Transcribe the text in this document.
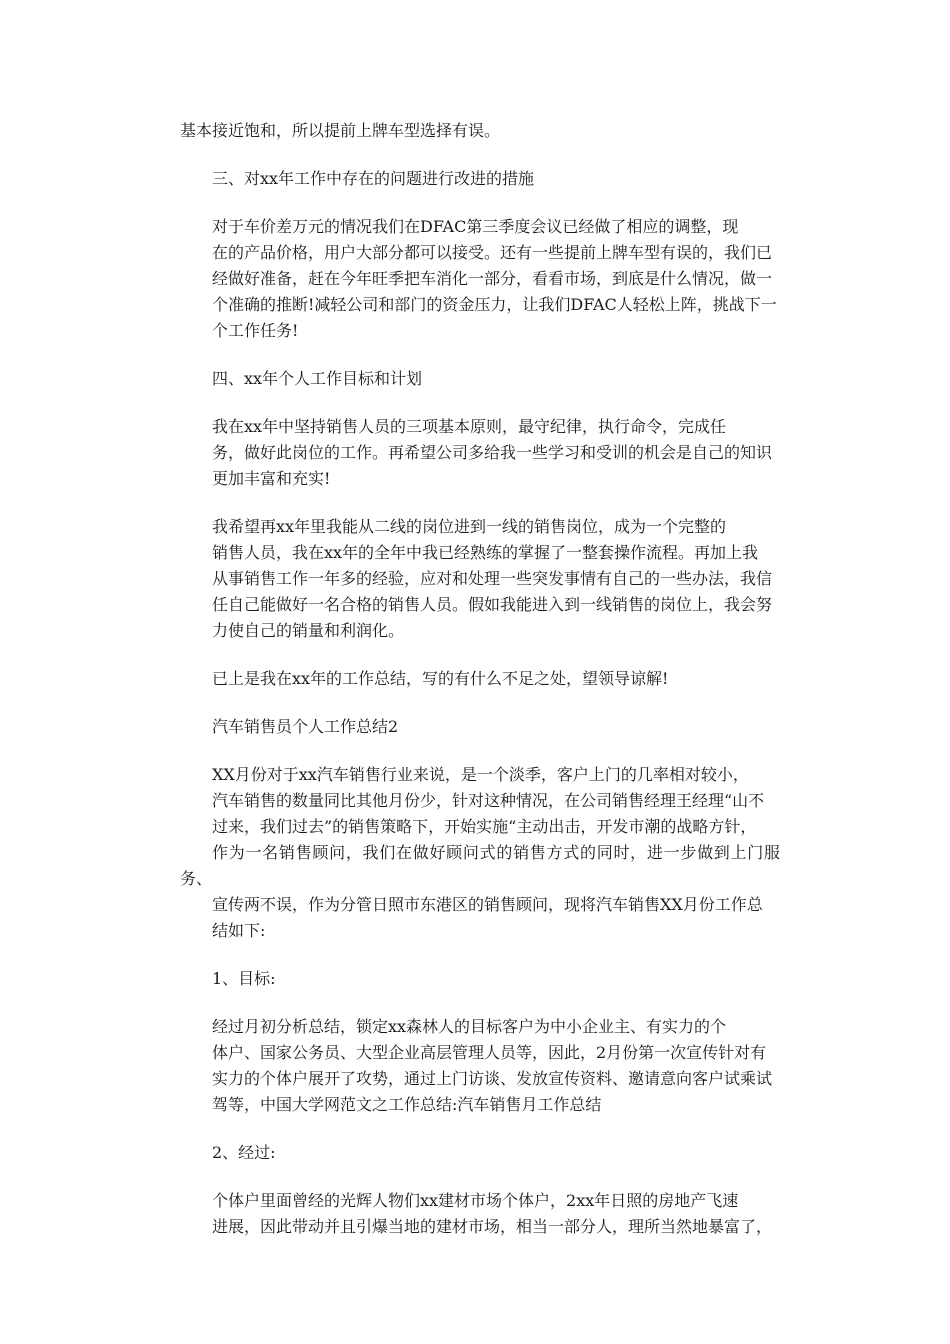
基本接近饱和，所以提前上牌车型选择有误。
三、对xx年工作中存在的问题进行改进的措施
对于车价差万元的情况我们在DFAC第三季度会议已经做了相应的调整，现
在的产品价格，用户大部分都可以接受。还有一些提前上牌车型有误的，我们已
经做好准备，赶在今年旺季把车消化一部分，看看市场，到底是什么情况，做一
个准确的推断!减轻公司和部门的资金压力，让我们DFAC人轻松上阵，挑战下一
个工作任务!
四、xx年个人工作目标和计划
我在xx年中坚持销售人员的三项基本原则，最守纪律，执行命令，完成任
务，做好此岗位的工作。再希望公司多给我一些学习和受训的机会是自己的知识
更加丰富和充实!
我希望再xx年里我能从二线的岗位进到一线的销售岗位，成为一个完整的
销售人员，我在xx年的全年中我已经熟练的掌握了一整套操作流程。再加上我
从事销售工作一年多的经验，应对和处理一些突发事情有自己的一些办法，我信
任自己能做好一名合格的销售人员。假如我能进入到一线销售的岗位上，我会努
力使自己的销量和利润化。
已上是我在xx年的工作总结，写的有什么不足之处，望领导谅解!
汽车销售员个人工作总结2
XX月份对于xx汽车销售行业来说，是一个淡季，客户上门的几率相对较小，
汽车销售的数量同比其他月份少，针对这种情况，在公司销售经理王经理“山不
过来，我们过去”的销售策略下，开始实施“主动出击，开发市潮的战略方针，
作为一名销售顾问，我们在做好顾问式的销售方式的同时，进一步做到上门服务、
宣传两不误，作为分管日照市东港区的销售顾问，现将汽车销售XX月份工作总
结如下:
1、目标:
经过月初分析总结，锁定xx森林人的目标客户为中小企业主、有实力的个
体户、国家公务员、大型企业高层管理人员等，因此，2月份第一次宣传针对有
实力的个体户展开了攻势，通过上门访谈、发放宣传资料、邀请意向客户试乘试
驾等，中国大学网范文之工作总结:汽车销售月工作总结
2、经过:
个体户里面曾经的光辉人物们xx建材市场个体户，2xx年日照的房地产飞速
进展，因此带动并且引爆当地的建材市场，相当一部分人，理所当然地暴富了，
